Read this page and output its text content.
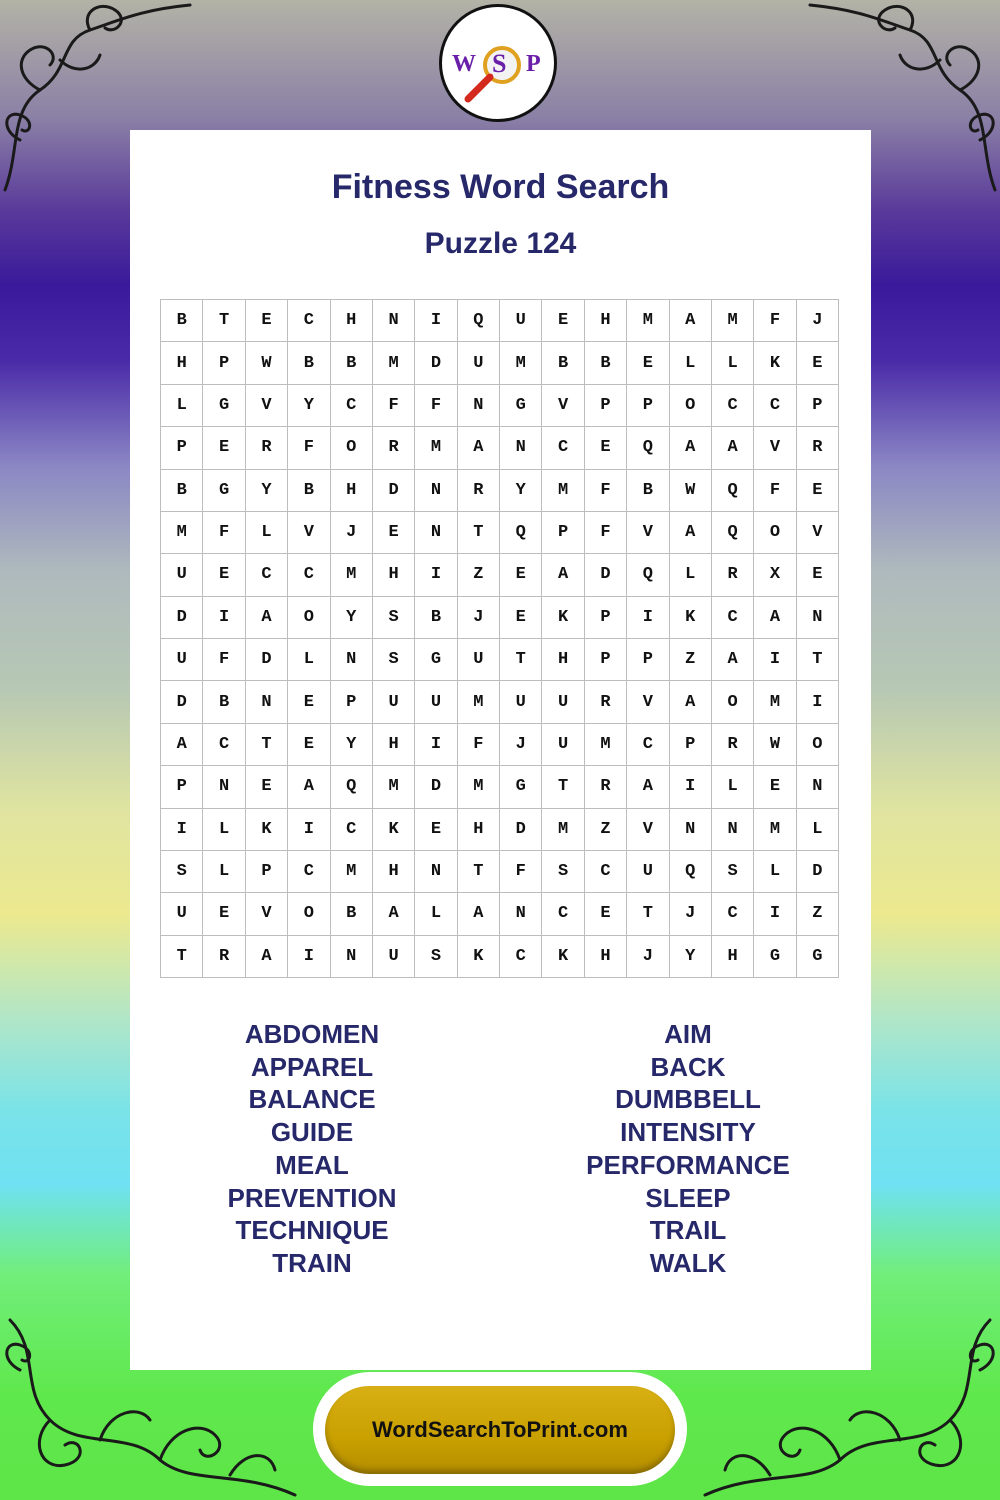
W S P
Fitness Word Search
Puzzle 124
B	T	E	C	H	N	I	Q	U	E	H	M	A	M	F	J
H	P	W	B	B	M	D	U	M	B	B	E	L	L	K	E
L	G	V	Y	C	F	F	N	G	V	P	P	O	C	C	P
P	E	R	F	O	R	M	A	N	C	E	Q	A	A	V	R
B	G	Y	B	H	D	N	R	Y	M	F	B	W	Q	F	E
M	F	L	V	J	E	N	T	Q	P	F	V	A	Q	O	V
U	E	C	C	M	H	I	Z	E	A	D	Q	L	R	X	E
D	I	A	O	Y	S	B	J	E	K	P	I	K	C	A	N
U	F	D	L	N	S	G	U	T	H	P	P	Z	A	I	T
D	B	N	E	P	U	U	M	U	U	R	V	A	O	M	I
A	C	T	E	Y	H	I	F	J	U	M	C	P	R	W	O
P	N	E	A	Q	M	D	M	G	T	R	A	I	L	E	N
I	L	K	I	C	K	E	H	D	M	Z	V	N	N	M	L
S	L	P	C	M	H	N	T	F	S	C	U	Q	S	L	D
U	E	V	O	B	A	L	A	N	C	E	T	J	C	I	Z
T	R	A	I	N	U	S	K	C	K	H	J	Y	H	G	G
ABDOMEN
APPAREL
BALANCE
GUIDE
MEAL
PREVENTION
TECHNIQUE
TRAIN
AIM
BACK
DUMBBELL
INTENSITY
PERFORMANCE
SLEEP
TRAIL
WALK
WordSearchToPrint.com
